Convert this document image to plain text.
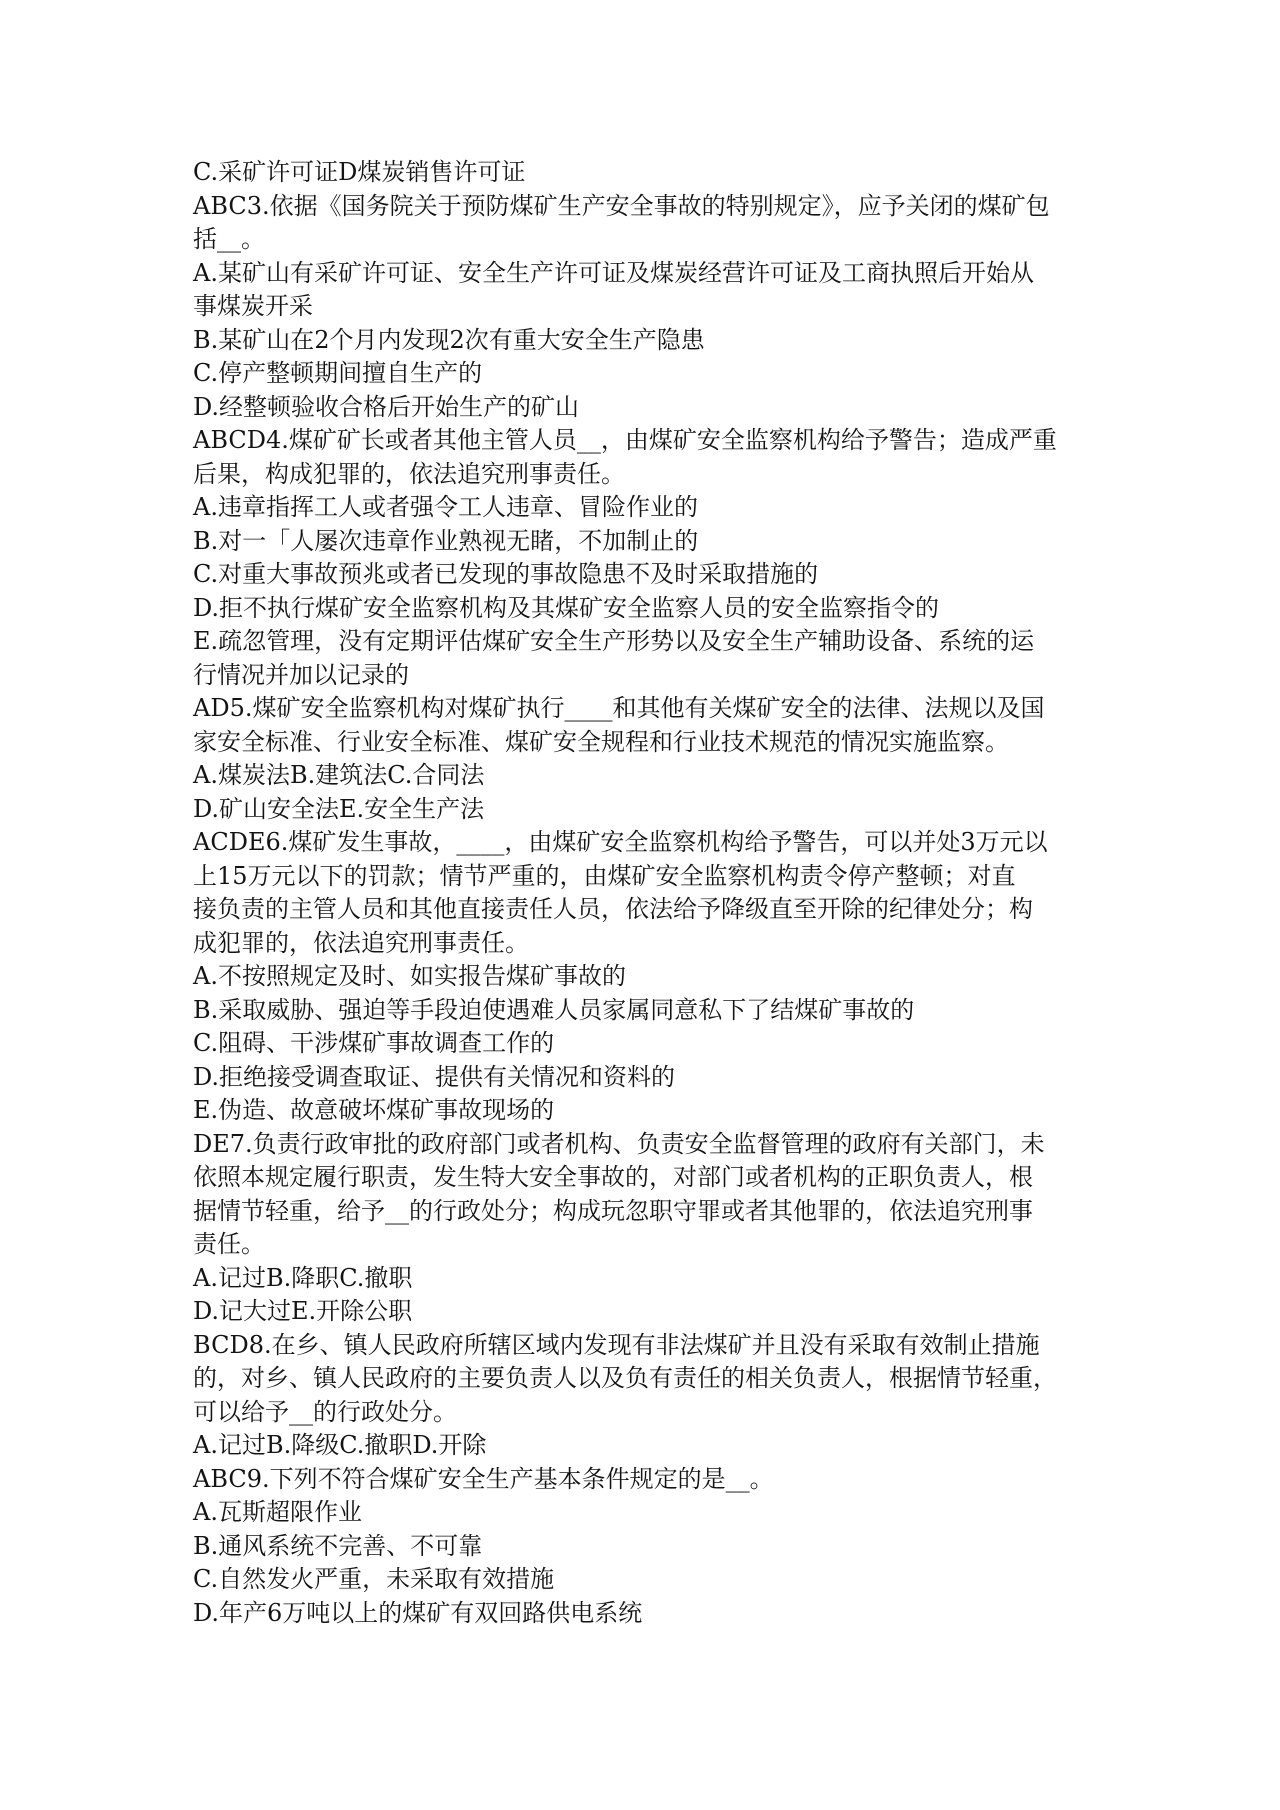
C.采矿许可证D煤炭销售许可证
ABC3.依据《国务院关于预防煤矿生产安全事故的特别规定》，应予关闭的煤矿包
括__。
A.某矿山有采矿许可证、安全生产许可证及煤炭经营许可证及工商执照后开始从
事煤炭开采
B.某矿山在2个月内发现2次有重大安全生产隐患
C.停产整顿期间擅自生产的
D.经整顿验收合格后开始生产的矿山
ABCD4.煤矿矿长或者其他主管人员__，由煤矿安全监察机构给予警告；造成严重
后果，构成犯罪的，依法追究刑事责任。
A.违章指挥工人或者强令工人违章、冒险作业的
B.对一「人屡次违章作业熟视无睹，不加制止的
C.对重大事故预兆或者已发现的事故隐患不及时采取措施的
D.拒不执行煤矿安全监察机构及其煤矿安全监察人员的安全监察指令的
E.疏忽管理，没有定期评估煤矿安全生产形势以及安全生产辅助设备、系统的运
行情况并加以记录的
AD5.煤矿安全监察机构对煤矿执行____和其他有关煤矿安全的法律、法规以及国
家安全标准、行业安全标准、煤矿安全规程和行业技术规范的情况实施监察。
A.煤炭法B.建筑法C.合同法
D.矿山安全法E.安全生产法
ACDE6.煤矿发生事故，____，由煤矿安全监察机构给予警告，可以并处3万元以
上15万元以下的罚款；情节严重的，由煤矿安全监察机构责令停产整顿；对直
接负责的主管人员和其他直接责任人员，依法给予降级直至开除的纪律处分；构
成犯罪的，依法追究刑事责任。
A.不按照规定及时、如实报告煤矿事故的
B.采取威胁、强迫等手段迫使遇难人员家属同意私下了结煤矿事故的
C.阻碍、干涉煤矿事故调查工作的
D.拒绝接受调查取证、提供有关情况和资料的
E.伪造、故意破坏煤矿事故现场的
DE7.负责行政审批的政府部门或者机构、负责安全监督管理的政府有关部门，未
依照本规定履行职责，发生特大安全事故的，对部门或者机构的正职负责人，根
据情节轻重，给予__的行政处分；构成玩忽职守罪或者其他罪的，依法追究刑事
责任。
A.记过B.降职C.撤职
D.记大过E.开除公职
BCD8.在乡、镇人民政府所辖区域内发现有非法煤矿并且没有采取有效制止措施
的，对乡、镇人民政府的主要负责人以及负有责任的相关负责人，根据情节轻重，
可以给予__的行政处分。
A.记过B.降级C.撤职D.开除
ABC9.下列不符合煤矿安全生产基本条件规定的是__。
A.瓦斯超限作业
B.通风系统不完善、不可靠
C.自然发火严重，未采取有效措施
D.年产6万吨以上的煤矿有双回路供电系统
